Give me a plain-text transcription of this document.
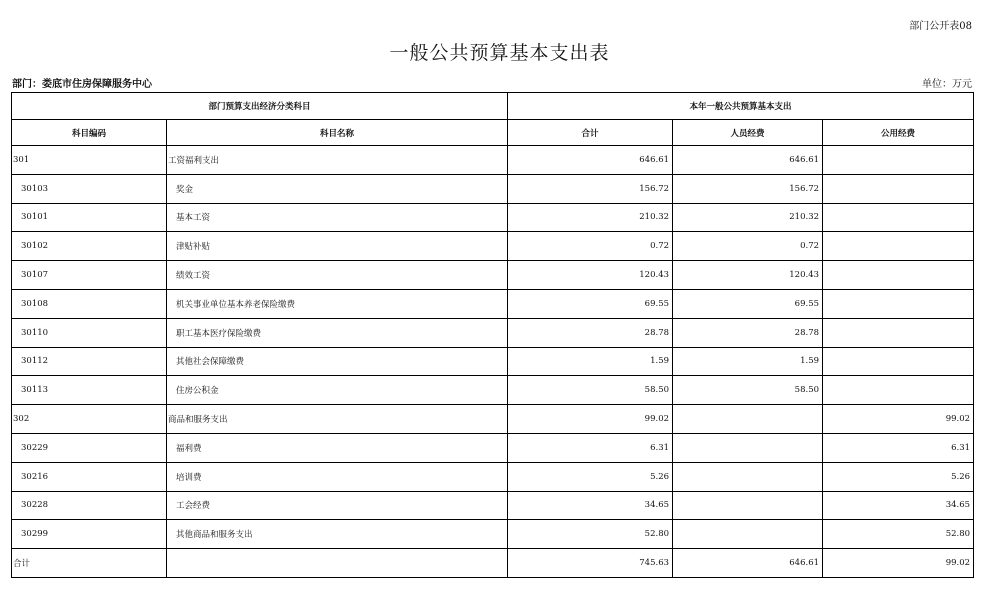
部门公开表08
一般公共预算基本支出表
部门：娄底市住房保障服务中心	单位：万元
部门预算支出经济分类科目		本年一般公共预算基本支出		
科目编码	科目名称	合计	人员经费	公用经费
301	工资福利支出	646.61	646.61	
30103	奖金	156.72	156.72	
30101	基本工资	210.32	210.32	
30102	津贴补贴	0.72	0.72	
30107	绩效工资	120.43	120.43	
30108	机关事业单位基本养老保险缴费	69.55	69.55	
30110	职工基本医疗保险缴费	28.78	28.78	
30112	其他社会保障缴费	1.59	1.59	
30113	住房公积金	58.50	58.50	
302	商品和服务支出	99.02		99.02
30229	福利费	6.31		6.31
30216	培训费	5.26		5.26
30228	工会经费	34.65		34.65
30299	其他商品和服务支出	52.80		52.80
合计		745.63	646.61	99.02
